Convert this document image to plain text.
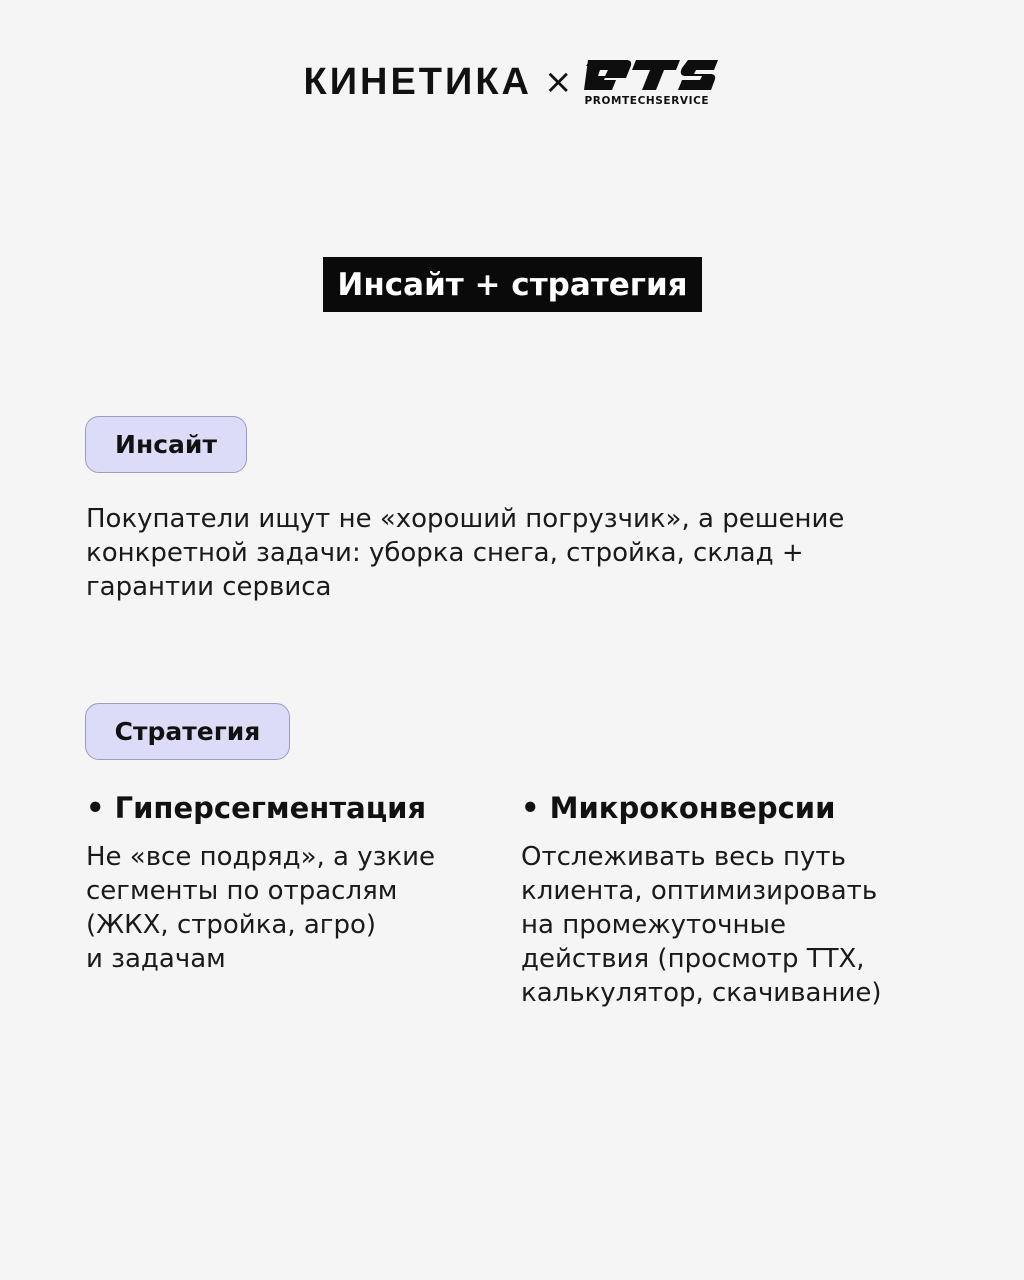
КИНЕТИКА × PROMTECHSERVICE
Инсайт + стратегия
Инсайт
Покупатели ищут не «хороший погрузчик», а решение
конкретной задачи: уборка снега, стройка, склад +
гарантии сервиса
Стратегия
• Гиперсегментация
Не «все подряд», а узкие
сегменты по отраслям
(ЖКХ, стройка, агро)
и задачам
• Микроконверсии
Отслеживать весь путь
клиента, оптимизировать
на промежуточные
действия (просмотр ТТХ,
калькулятор, скачивание)
